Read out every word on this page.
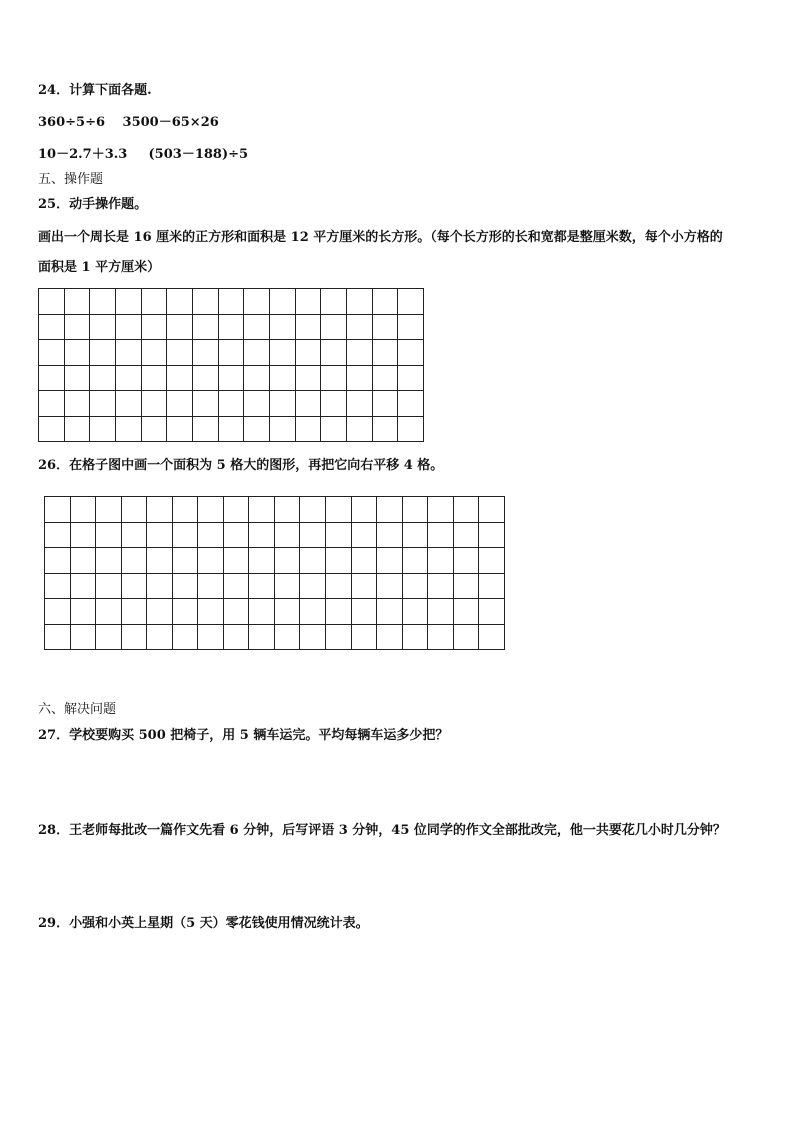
24．计算下面各题.
360÷5÷6 3500－65×26
10－2.7＋3.3 (503－188)÷5
五、操作题
25．动手操作题。
画出一个周长是 16 厘米的正方形和面积是 12 平方厘米的长方形。（每个长方形的长和宽都是整厘米数，每个小方格的
面积是 1 平方厘米）

26．在格子图中画一个面积为 5 格大的图形，再把它向右平移 4 格。

六、解决问题
27．学校要购买 500 把椅子，用 5 辆车运完。平均每辆车运多少把？
28．王老师每批改一篇作文先看 6 分钟，后写评语 3 分钟，45 位同学的作文全部批改完，他一共要花几小时几分钟？
29．小强和小英上星期（5 天）零花钱使用情况统计表。
